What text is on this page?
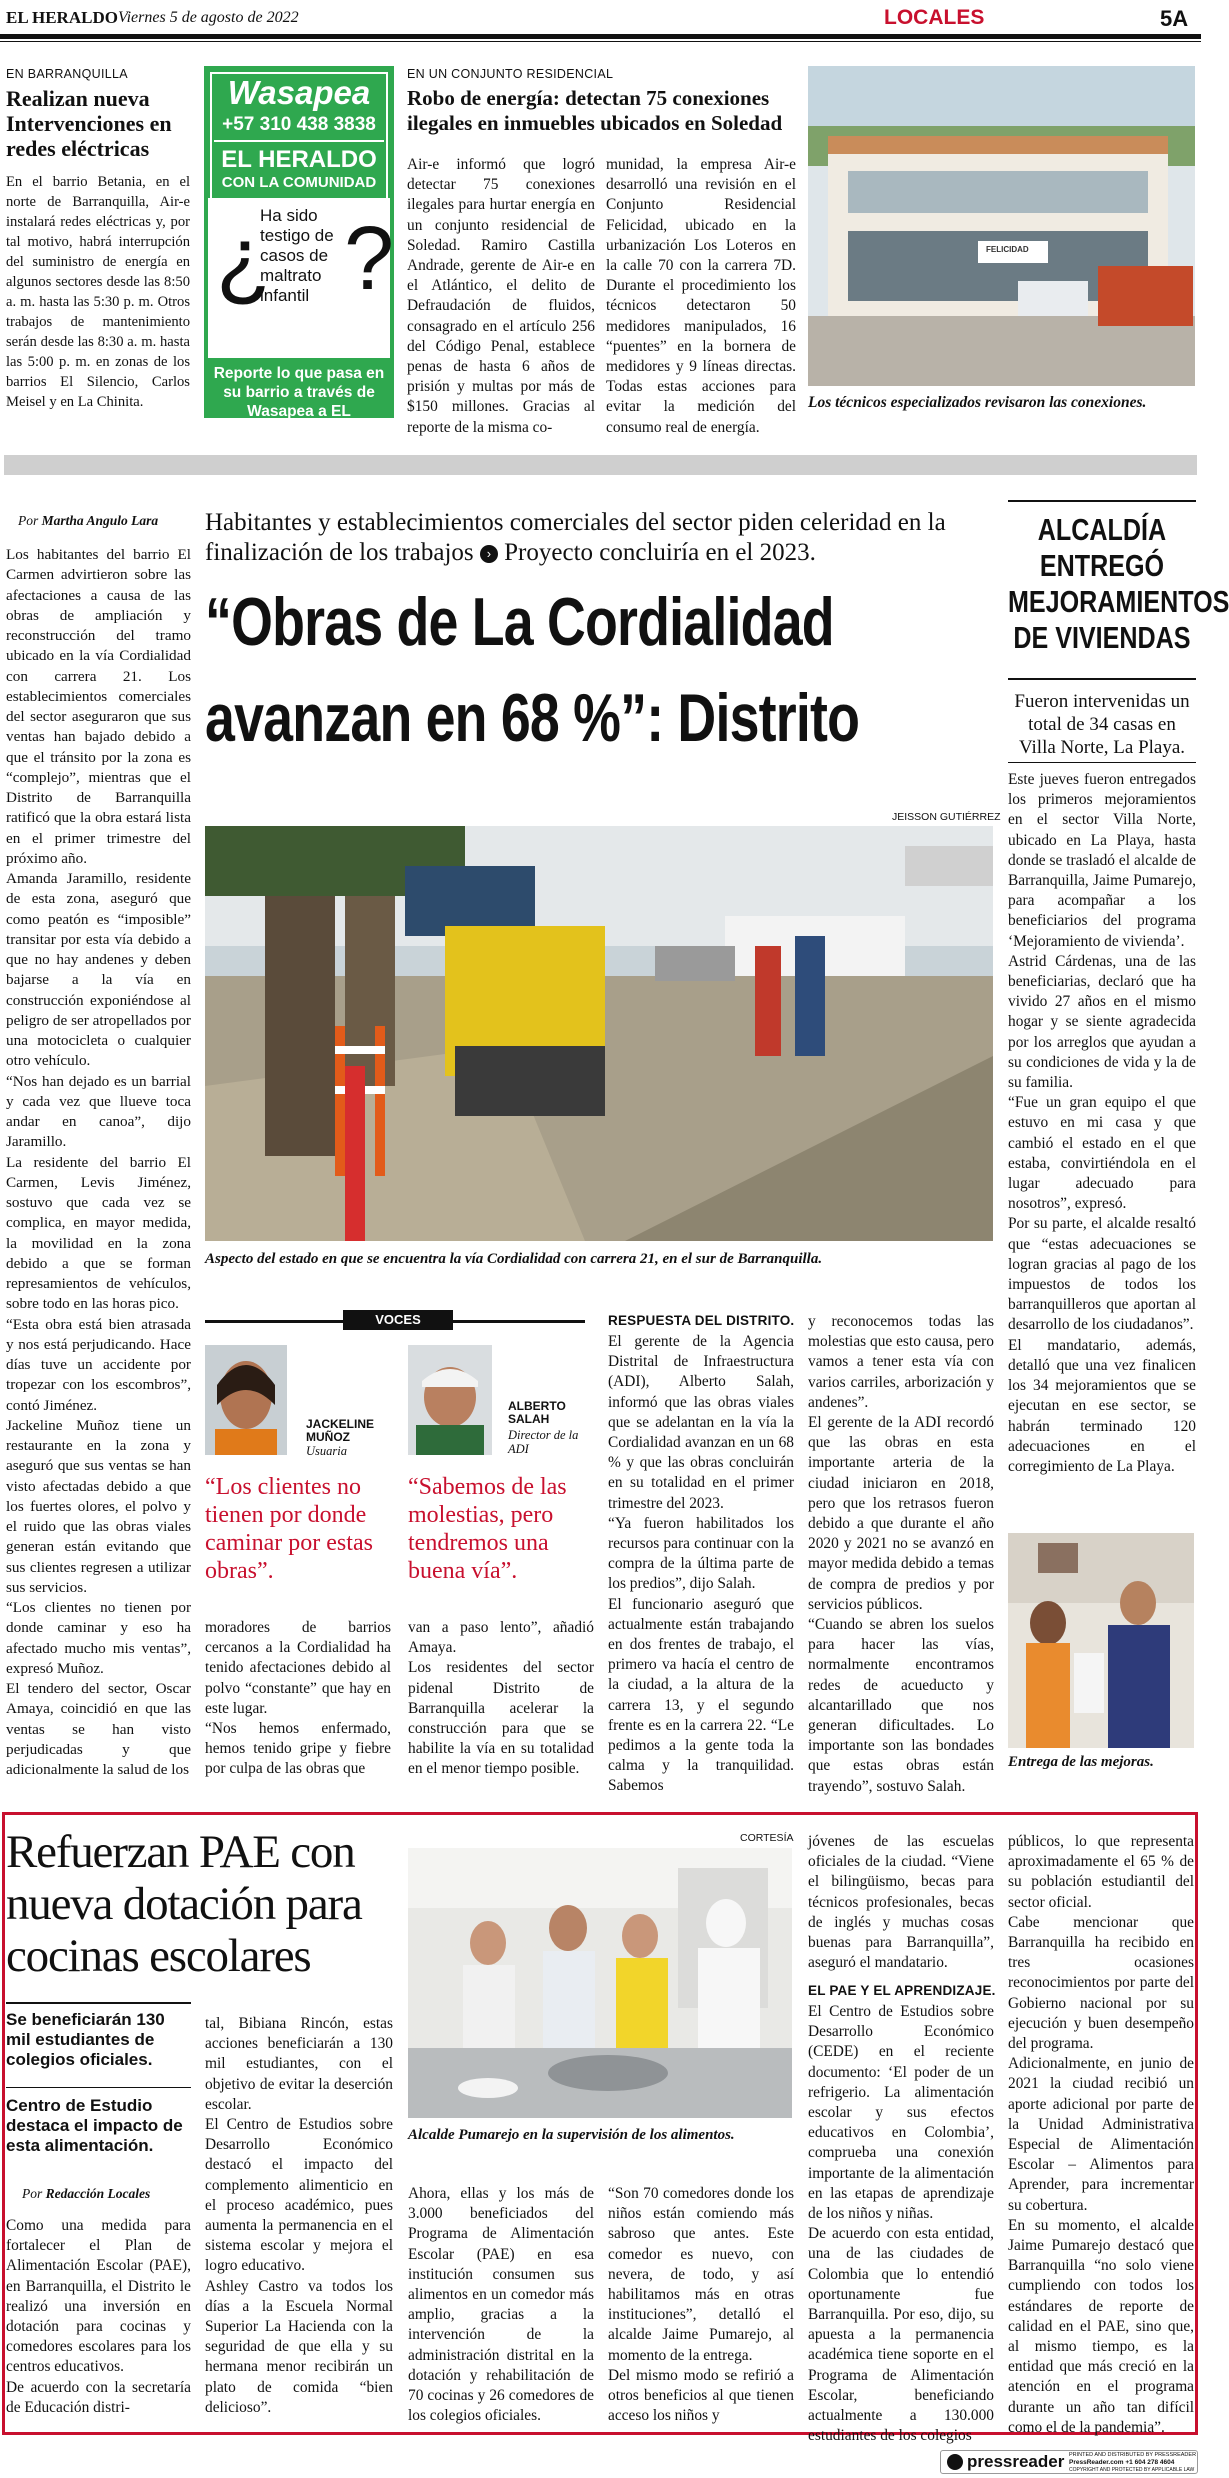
EL HERALDO Viernes 5 de agosto de 2022	LOCALES	5A
EN BARRANQUILLA
Realizan nueva Intervenciones en redes eléctricas
En el barrio Betania, en el norte de Barranquilla, Air-e instalará redes eléctricas y, por tal motivo, habrá interrupción del suministro de energía en algunos sectores desde las 8:50 a. m. hasta las 5:30 p. m. Otros trabajos de mantenimiento serán desde las 8:30 a. m. hasta las 5:00 p. m. en zonas de los barrios El Silencio, Carlos Meisel y en La Chinita.
Wasapea
+57 310 438 3838
EL HERALDO
CON LA COMUNIDAD
¿ ?
Ha sido testigo de casos de maltrato infantil
Reporte lo que pasa en su barrio a través de Wasapea a EL HERALDO
EN UN CONJUNTO RESIDENCIAL
Robo de energía: detectan 75 conexiones ilegales en inmuebles ubicados en Soledad
Air-e informó que logró detectar 75 conexiones ilegales para hurtar energía en un conjunto residencial de Soledad. Ramiro Castilla Andrade, gerente de Air-e en el Atlántico, el delito de Defraudación de fluidos, consagrado en el artículo 256 del Código Penal, establece penas de hasta 6 años de prisión y multas por más de $150 millones. Gracias al reporte de la misma co-
munidad, la empresa Air-e desarrolló una revisión en el Conjunto Residencial Felicidad, ubicado en la urbanización Los Loteros en la calle 70 con la carrera 7D. Durante el procedimiento los técnicos detectaron 50 medidores manipulados, 16 “puentes” en la bornera de medidores y 9 líneas directas. Todas estas acciones para evitar la medición del consumo real de energía.
FELICIDAD
Los técnicos especializados revisaron las conexiones.
Por Martha Angulo Lara
Los habitantes del barrio El Carmen advirtieron sobre las afectaciones a causa de las obras de ampliación y reconstrucción del tramo ubicado en la vía Cordialidad con carrera 21. Los establecimientos comerciales del sector aseguraron que sus ventas han bajado debido a que el tránsito por la zona es “complejo”, mientras que el Distrito de Barranquilla ratificó que la obra estará lista en el primer trimestre del próximo año.
Amanda Jaramillo, residente de esta zona, aseguró que como peatón es “imposible” transitar por esta vía debido a que no hay andenes y deben bajarse a la vía en construcción exponiéndose al peligro de ser atropellados por una motocicleta o cualquier otro vehículo.
“Nos han dejado es un barrial y cada vez que llueve toca andar en canoa”, dijo Jaramillo.
La residente del barrio El Carmen, Levis Jiménez, sostuvo que cada vez se complica, en mayor medida, la movilidad en la zona debido a que se forman represamientos de vehículos, sobre todo en las horas pico.
“Esta obra está bien atrasada y nos está perjudicando. Hace días tuve un accidente por tropezar con los escombros”, contó Jiménez.
Jackeline Muñoz tiene un restaurante en la zona y aseguró que sus ventas se han visto afectadas debido a que los fuertes olores, el polvo y el ruido que las obras viales generan están evitando que sus clientes regresen a utilizar sus servicios.
“Los clientes no tienen por donde caminar y eso ha afectado mucho mis ventas”, expresó Muñoz.
El tendero del sector, Oscar Amaya, coincidió en que las ventas se han visto perjudicadas y que adicionalmente la salud de los
Habitantes y establecimientos comerciales del sector piden celeridad en la finalización de los trabajos › Proyecto concluiría en el 2023.
“Obras de La Cordialidad
avanzan en 68 %”: Distrito
JEISSON GUTIÉRREZ
Aspecto del estado en que se encuentra la vía Cordialidad con carrera 21, en el sur de Barranquilla.
VOCES
JACKELINE MUÑOZ
Usuaria
“Los clientes no tienen por donde caminar por estas obras”.
ALBERTO SALAH
Director de la ADI
“Sabemos de las molestias, pero tendremos una buena vía”.
moradores de barrios cercanos a la Cordialidad ha tenido afectaciones debido al polvo “constante” que hay en este lugar.
“Nos hemos enfermado, hemos tenido gripe y fiebre por culpa de las obras que
van a paso lento”, añadió Amaya.
Los residentes del sector pidenal Distrito de Barranquilla acelerar la construcción para que se habilite la vía en su totalidad en el menor tiempo posible.
RESPUESTA DEL DISTRITO.
El gerente de la Agencia Distrital de Infraestructura (ADI), Alberto Salah, informó que las obras viales que se adelantan en la vía la Cordialidad avanzan en un 68 % y que las obras concluirán en su totalidad en el primer trimestre del 2023.
“Ya fueron habilitados los recursos para continuar con la compra de la última parte de los predios”, dijo Salah.
El funcionario aseguró que actualmente están trabajando en dos frentes de trabajo, el primero va hacía el centro de la ciudad, a la altura de la carrera 13, y el segundo frente es en la carrera 22. “Le pedimos a la gente toda la calma y la tranquilidad. Sabemos
y reconocemos todas las molestias que esto causa, pero vamos a tener esta vía con varios carriles, arborización y andenes”.
El gerente de la ADI recordó que las obras en esta importante arteria de la ciudad iniciaron en 2018, pero que los retrasos fueron debido a que durante el año 2020 y 2021 no se avanzó en mayor medida debido a temas de compra de predios y por servicios públicos.
“Cuando se abren los suelos para hacer las vías, normalmente encontramos redes de acueducto y alcantarillado que nos generan dificultades. Lo importante son las bondades que estas obras están trayendo”, sostuvo Salah.
ALCALDÍA ENTREGÓ MEJORAMIENTOS DE VIVIENDAS
Fueron intervenidas un total de 34 casas en Villa Norte, La Playa.
Este jueves fueron entregados los primeros mejoramientos en el sector Villa Norte, ubicado en La Playa, hasta donde se trasladó el alcalde de Barranquilla, Jaime Pumarejo, para acompañar a los beneficiarios del programa ‘Mejoramiento de vivienda’.
Astrid Cárdenas, una de las beneficiarias, declaró que ha vivido 27 años en el mismo hogar y se siente agradecida por los arreglos que ayudan a su condiciones de vida y la de su familia.
“Fue un gran equipo el que estuvo en mi casa y que cambió el estado en el que estaba, convirtiéndola en el lugar adecuado para nosotros”, expresó.
Por su parte, el alcalde resaltó que “estas adecuaciones se logran gracias al pago de los impuestos de todos los barranquilleros que aportan al desarrollo de los ciudadanos”.
El mandatario, además, detalló que una vez finalicen los 34 mejoramientos que se ejecutan en ese sector, se habrán terminado 120 adecuaciones en el corregimiento de La Playa.
Entrega de las mejoras.
Refuerzan PAE con nueva dotación para cocinas escolares
Se beneficiarán 130 mil estudiantes de colegios oficiales.
Centro de Estudio destaca el impacto de esta alimentación.
Por Redacción Locales
Como una medida para fortalecer el Plan de Alimentación Escolar (PAE), en Barranquilla, el Distrito le realizó una inversión en dotación para cocinas y comedores escolares para los centros educativos.
De acuerdo con la secretaría de Educación distri-
tal, Bibiana Rincón, estas acciones beneficiarán a 130 mil estudiantes, con el objetivo de evitar la deserción escolar.
El Centro de Estudios sobre Desarrollo Económico destacó el impacto del complemento alimenticio en el proceso académico, pues aumenta la permanencia en el sistema escolar y mejora el logro educativo.
Ashley Castro va todos los días a la Escuela Normal Superior La Hacienda con la seguridad de que ella y su hermana menor recibirán un plato de comida “bien delicioso”.
CORTESÍA
Alcalde Pumarejo en la supervisión de los alimentos.
Ahora, ellas y los más de 3.000 beneficiados del Programa de Alimentación Escolar (PAE) en esa institución consumen sus alimentos en un comedor más amplio, gracias a la intervención de la administración distrital en la dotación y rehabilitación de 70 cocinas y 26 comedores de los colegios oficiales.
“Son 70 comedores donde los niños están comiendo más sabroso que antes. Este comedor es nuevo, con nevera, de todo, y así habilitamos más en otras instituciones”, detalló el alcalde Jaime Pumarejo, al momento de la entrega.
Del mismo modo se refirió a otros beneficios al que tienen acceso los niños y
jóvenes de las escuelas oficiales de la ciudad. “Viene el bilingüismo, becas para técnicos profesionales, becas de inglés y muchas cosas buenas para Barranquilla”, aseguró el mandatario.
EL PAE Y EL APRENDIZAJE.
El Centro de Estudios sobre Desarrollo Económico (CEDE) en el reciente documento: ‘El poder de un refrigerio. La alimentación escolar y sus efectos educativos en Colombia’, comprueba una conexión importante de la alimentación en las etapas de aprendizaje de los niños y niñas.
De acuerdo con esta entidad, una de las ciudades de Colombia que lo entendió oportunamente fue Barranquilla. Por eso, dijo, su apuesta a la permanencia académica tiene soporte en el Programa de Alimentación Escolar, beneficiando actualmente a 130.000 estudiantes de los colegios
públicos, lo que representa aproximadamente el 65 % de su población estudiantil del sector oficial.
Cabe mencionar que Barranquilla ha recibido en tres ocasiones reconocimientos por parte del Gobierno nacional por su ejecución y buen desempeño del programa.
Adicionalmente, en junio de 2021 la ciudad recibió un aporte adicional por parte de la Unidad Administrativa Especial de Alimentación Escolar – Alimentos para Aprender, para incrementar su cobertura.
En su momento, el alcalde Jaime Pumarejo destacó que Barranquilla “no solo viene cumpliendo con todos los estándares de reporte de calidad en el PAE, sino que, al mismo tiempo, es la entidad que más creció en la atención en el programa durante un año tan difícil como el de la pandemia”.
pressreader PRINTED AND DISTRIBUTED BY PRESSREADER
PressReader.com +1 604 278 4604
COPYRIGHT AND PROTECTED BY APPLICABLE LAW
